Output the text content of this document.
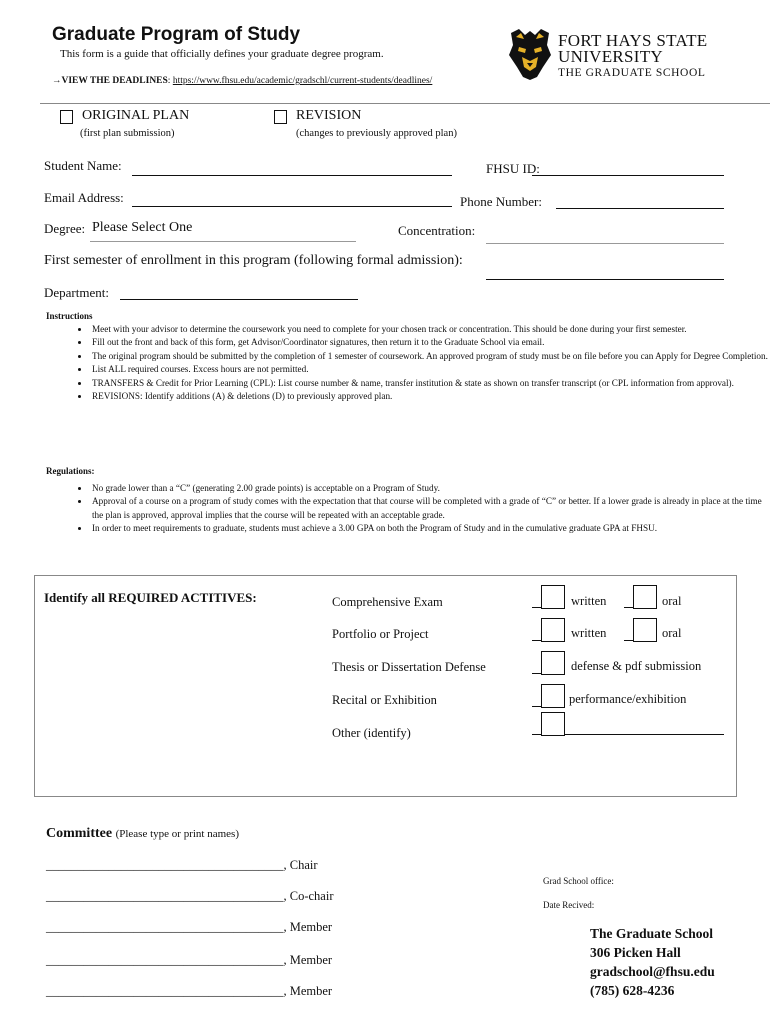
Graduate Program of Study
This form is a guide that officially defines your graduate degree program.
→VIEW THE DEADLINES: https://www.fhsu.edu/academic/gradschl/current-students/deadlines/
FORT HAYS STATE
UNIVERSITY
THE GRADUATE SCHOOL
ORIGINAL PLAN
(first plan submission)
REVISION
(changes to previously approved plan)
Student Name:	FHSU ID:
Email Address:	Phone Number:
Degree: Please Select One	Concentration:
First semester of enrollment in this program (following formal admission):
Department:
Instructions
• Meet with your advisor to determine the coursework you need to complete for your chosen track or concentration. This should be done during your first semester.
• Fill out the front and back of this form, get Advisor/Coordinator signatures, then return it to the Graduate School via email.
• The original program should be submitted by the completion of 1 semester of coursework. An approved program of study must be on file before you can Apply for Degree Completion.
• List ALL required courses. Excess hours are not permitted.
• TRANSFERS & Credit for Prior Learning (CPL): List course number & name, transfer institution & state as shown on transfer transcript (or CPL information from approval).
• REVISIONS: Identify additions (A) & deletions (D) to previously approved plan.
Regulations:
• No grade lower than a “C” (generating 2.00 grade points) is acceptable on a Program of Study.
• Approval of a course on a program of study comes with the expectation that that course will be completed with a grade of “C” or better. If a lower grade is already in place at the time the plan is approved, approval implies that the course will be repeated with an acceptable grade.
• In order to meet requirements to graduate, students must achieve a 3.00 GPA on both the Program of Study and in the cumulative graduate GPA at FHSU.
Identify all REQUIRED ACTITIVES:	Comprehensive Exam	written	oral
Portfolio or Project	written	oral
Thesis or Dissertation Defense	defense & pdf submission
Recital or Exhibition	performance/exhibition
Other (identify)
Committee (Please type or print names)
______________________________________, Chair
______________________________________, Co-chair
______________________________________, Member
______________________________________, Member
______________________________________, Member
Grad School office:
Date Recived:
The Graduate School
306 Picken Hall
gradschool@fhsu.edu
(785) 628-4236
